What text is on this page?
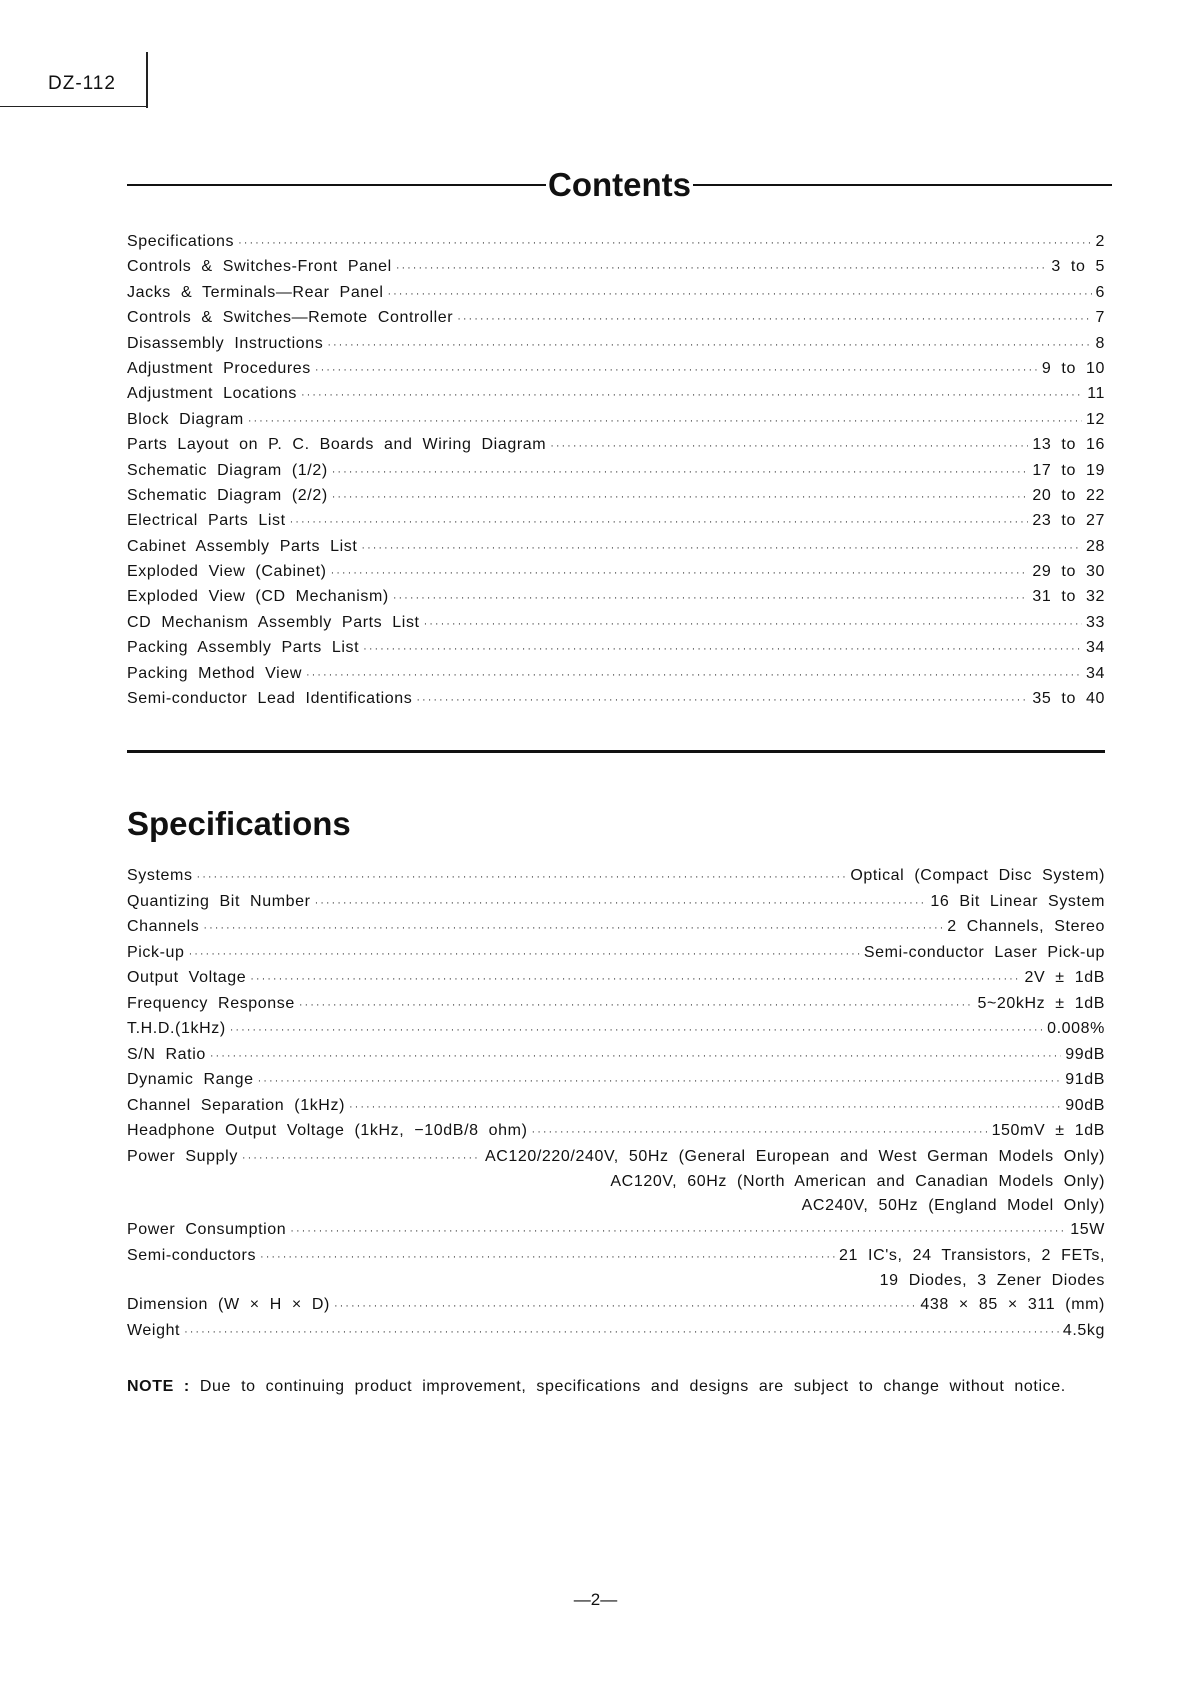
DZ-112
Contents
Specifications ·····	2
Controls & Switches-Front Panel ·····	3 to 5
Jacks & Terminals—Rear Panel ·····	6
Controls & Switches—Remote Controller ·····	7
Disassembly Instructions ·····	8
Adjustment Procedures ·····	9 to 10
Adjustment Locations ·····	11
Block Diagram ·····	12
Parts Layout on P. C. Boards and Wiring Diagram ·····	13 to 16
Schematic Diagram (1/2) ·····	17 to 19
Schematic Diagram (2/2) ·····	20 to 22
Electrical Parts List ·····	23 to 27
Cabinet Assembly Parts List ·····	28
Exploded View (Cabinet) ·····	29 to 30
Exploded View (CD Mechanism) ·····	31 to 32
CD Mechanism Assembly Parts List ·····	33
Packing Assembly Parts List ·····	34
Packing Method View ·····	34
Semi-conductor Lead Identifications ·····	35 to 40
Specifications
Systems ·····	Optical (Compact Disc System)
Quantizing Bit Number ·····	16 Bit Linear System
Channels ·····	2 Channels, Stereo
Pick-up ·····	Semi-conductor Laser Pick-up
Output Voltage ·····	2V ± 1dB
Frequency Response ·····	5~20kHz ± 1dB
T.H.D.(1kHz) ·····	0.008%
S/N Ratio ·····	99dB
Dynamic Range ·····	91dB
Channel Separation (1kHz) ·····	90dB
Headphone Output Voltage (1kHz, −10dB/8 ohm) ·····	150mV ± 1dB
Power Supply ·····	AC120/220/240V, 50Hz (General European and West German Models Only)
AC120V, 60Hz (North American and Canadian Models Only)
AC240V, 50Hz (England Model Only)
Power Consumption ·····	15W
Semi-conductors ·····	21 IC's, 24 Transistors, 2 FETs,
19 Diodes, 3 Zener Diodes
Dimension (W × H × D) ·····	438 × 85 × 311 (mm)
Weight ·····	4.5kg
NOTE : Due to continuing product improvement, specifications and designs are subject to change without notice.
—2—
